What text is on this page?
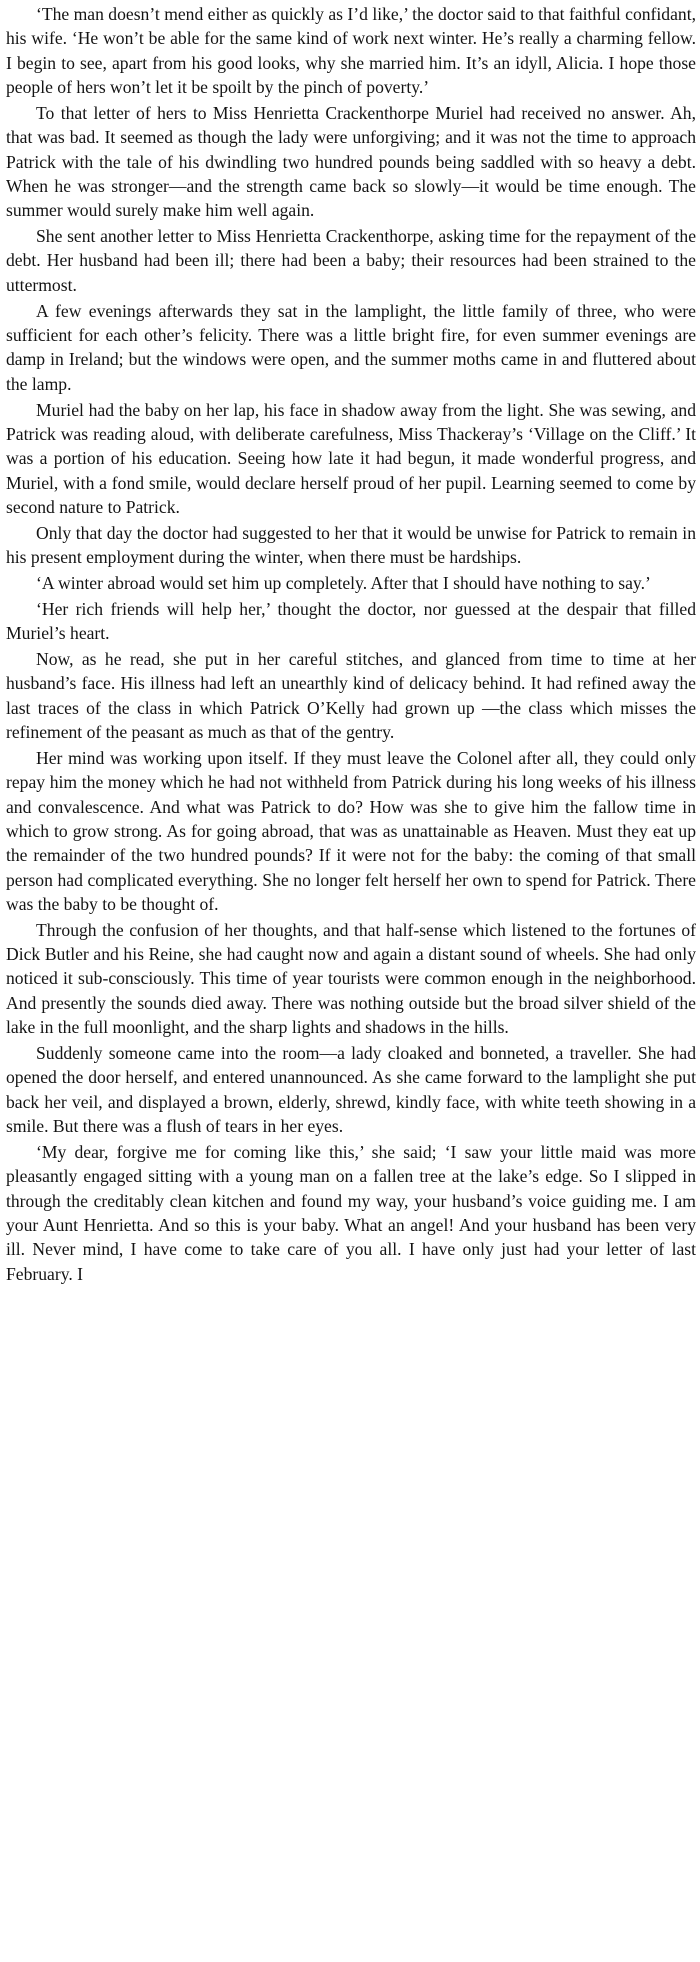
‘The man doesn’t mend either as quickly as I’d like,’ the doctor said to that faithful confidant, his wife. ‘He won’t be able for the same kind of work next winter. He’s really a charming fellow. I begin to see, apart from his good looks, why she married him. It’s an idyll, Alicia. I hope those people of hers won’t let it be spoilt by the pinch of poverty.’

To that letter of hers to Miss Henrietta Crackenthorpe Muriel had received no answer. Ah, that was bad. It seemed as though the lady were unforgiving; and it was not the time to approach Patrick with the tale of his dwindling two hundred pounds being saddled with so heavy a debt. When he was stronger—and the strength came back so slowly—it would be time enough. The summer would surely make him well again.

She sent another letter to Miss Henrietta Crackenthorpe, asking time for the repayment of the debt. Her husband had been ill; there had been a baby; their resources had been strained to the uttermost.

A few evenings afterwards they sat in the lamplight, the little family of three, who were sufficient for each other’s felicity. There was a little bright fire, for even summer evenings are damp in Ireland; but the windows were open, and the summer moths came in and fluttered about the lamp.

Muriel had the baby on her lap, his face in shadow away from the light. She was sewing, and Patrick was reading aloud, with deliberate carefulness, Miss Thackeray’s ‘Village on the Cliff.’ It was a portion of his education. Seeing how late it had begun, it made wonderful progress, and Muriel, with a fond smile, would declare herself proud of her pupil. Learning seemed to come by second nature to Patrick.

Only that day the doctor had suggested to her that it would be unwise for Patrick to remain in his present employment during the winter, when there must be hardships.

‘A winter abroad would set him up completely. After that I should have nothing to say.’

‘Her rich friends will help her,’ thought the doctor, nor guessed at the despair that filled Muriel’s heart.

Now, as he read, she put in her careful stitches, and glanced from time to time at her husband’s face. His illness had left an unearthly kind of delicacy behind. It had refined away the last traces of the class in which Patrick O’Kelly had grown up —the class which misses the refinement of the peasant as much as that of the gentry.

Her mind was working upon itself. If they must leave the Colonel after all, they could only repay him the money which he had not withheld from Patrick during his long weeks of his illness and convalescence. And what was Patrick to do? How was she to give him the fallow time in which to grow strong. As for going abroad, that was as unattainable as Heaven. Must they eat up the remainder of the two hundred pounds? If it were not for the baby: the coming of that small person had complicated everything. She no longer felt herself her own to spend for Patrick. There was the baby to be thought of.

Through the confusion of her thoughts, and that half-sense which listened to the fortunes of Dick Butler and his Reine, she had caught now and again a distant sound of wheels. She had only noticed it sub-consciously. This time of year tourists were common enough in the neighborhood. And presently the sounds died away. There was nothing outside but the broad silver shield of the lake in the full moonlight, and the sharp lights and shadows in the hills.

Suddenly someone came into the room—a lady cloaked and bonneted, a traveller. She had opened the door herself, and entered unannounced. As she came forward to the lamplight she put back her veil, and displayed a brown, elderly, shrewd, kindly face, with white teeth showing in a smile. But there was a flush of tears in her eyes.

‘My dear, forgive me for coming like this,’ she said; ‘I saw your little maid was more pleasantly engaged sitting with a young man on a fallen tree at the lake’s edge. So I slipped in through the creditably clean kitchen and found my way, your husband’s voice guiding me. I am your Aunt Henrietta. And so this is your baby. What an angel! And your husband has been very ill. Never mind, I have come to take care of you all. I have only just had your letter of last February. I
